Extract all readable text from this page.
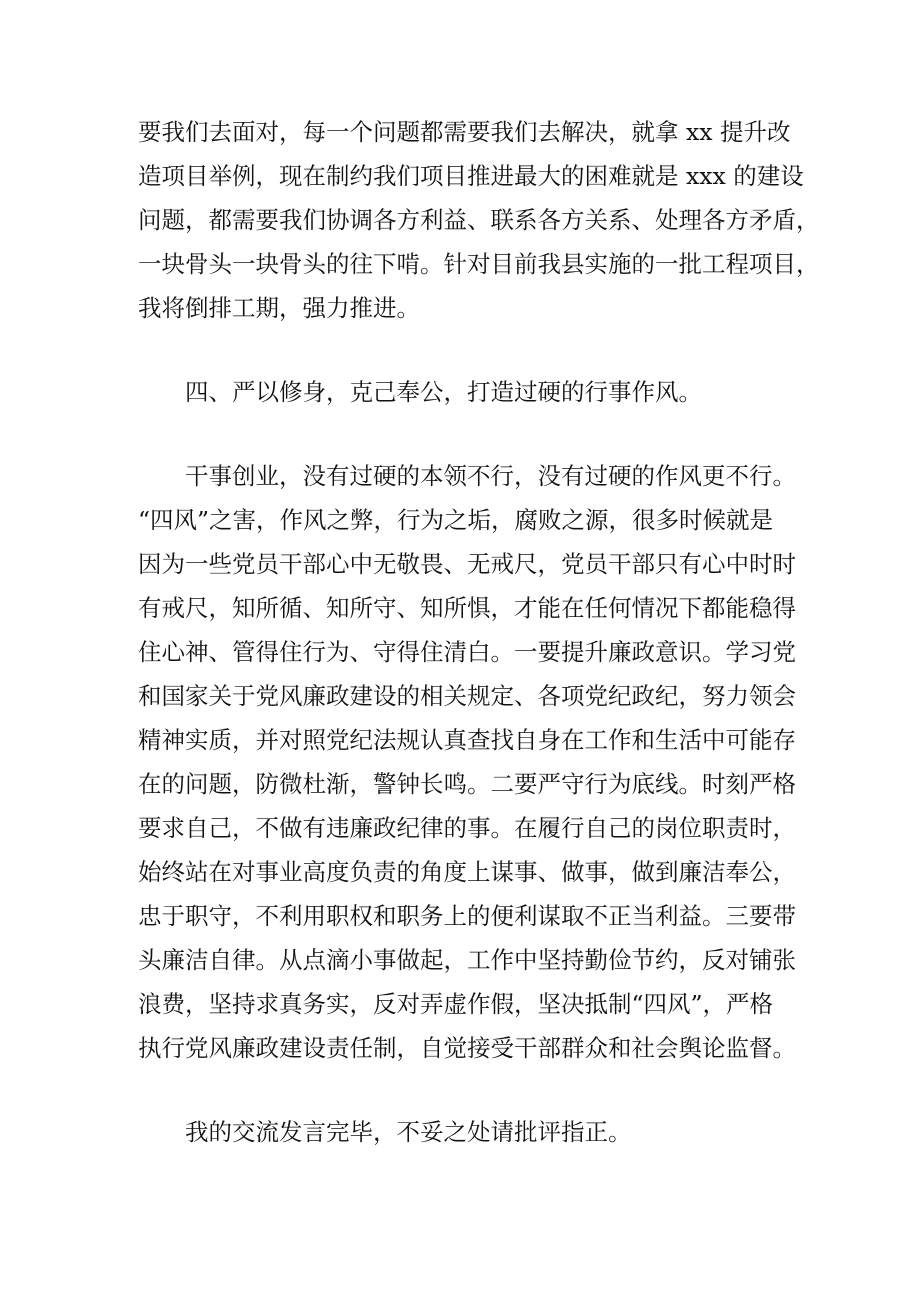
要我们去面对，每一个问题都需要我们去解决，就拿 xx 提升改

造项目举例，现在制约我们项目推进最大的困难就是 xxx 的建设

问题，都需要我们协调各方利益、联系各方关系、处理各方矛盾，

一块骨头一块骨头的往下啃。针对目前我县实施的一批工程项目，

我将倒排工期，强力推进。

四、严以修身，克己奉公，打造过硬的行事作风。

干事创业，没有过硬的本领不行，没有过硬的作风更不行。

“四风”之害，作风之弊，行为之垢，腐败之源，很多时候就是

因为一些党员干部心中无敬畏、无戒尺，党员干部只有心中时时

有戒尺，知所循、知所守、知所惧，才能在任何情况下都能稳得

住心神、管得住行为、守得住清白。一要提升廉政意识。学习党

和国家关于党风廉政建设的相关规定、各项党纪政纪，努力领会

精神实质，并对照党纪法规认真查找自身在工作和生活中可能存

在的问题，防微杜渐，警钟长鸣。二要严守行为底线。时刻严格

要求自己，不做有违廉政纪律的事。在履行自己的岗位职责时，

始终站在对事业高度负责的角度上谋事、做事，做到廉洁奉公，

忠于职守，不利用职权和职务上的便利谋取不正当利益。三要带

头廉洁自律。从点滴小事做起，工作中坚持勤俭节约，反对铺张

浪费，坚持求真务实，反对弄虚作假，坚决抵制“四风”，严格

执行党风廉政建设责任制，自觉接受干部群众和社会舆论监督。

我的交流发言完毕，不妥之处请批评指正。
